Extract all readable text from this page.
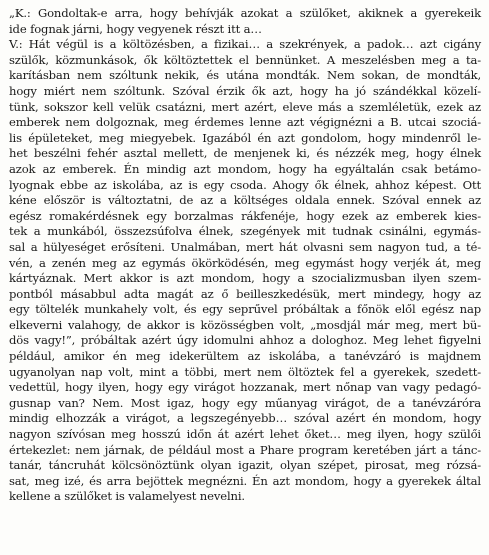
„K.: Gondoltak-e arra, hogy behívják azokat a szülőket, akiknek a gyerekeik
ide fognak járni, hogy vegyenek részt itt a…
V.: Hát végül is a költözésben, a fizikai… a szekrények, a padok… azt cigány
szülők, közmunkások, ők költöztettek el bennünket. A meszelésben meg a ta-
karításban nem szóltunk nekik, és utána mondták. Nem sokan, de mondták,
hogy miért nem szóltunk. Szóval érzik ők azt, hogy ha jó szándékkal közelí-
tünk, sokszor kell velük csatázni, mert azért, eleve más a szemléletük, ezek az
emberek nem dolgoznak, meg érdemes lenne azt végignézni a B. utcai szociá-
lis épületeket, meg miegyebek. Igazából én azt gondolom, hogy mindenről le-
het beszélni fehér asztal mellett, de menjenek ki, és nézzék meg, hogy élnek
azok az emberek. Én mindig azt mondom, hogy ha egyáltalán csak betámo-
lyognak ebbe az iskolába, az is egy csoda. Ahogy ők élnek, ahhoz képest. Ott
kéne először is változtatni, de az a költséges oldala ennek. Szóval ennek az
egész romakérdésnek egy borzalmas rákfenéje, hogy ezek az emberek kies-
tek a munkából, összezsúfolva élnek, szegények mit tudnak csinálni, egymás-
sal a hülyeséget erősíteni. Unalmában, mert hát olvasni sem nagyon tud, a té-
vén, a zenén meg az egymás ökörködésén, meg egymást hogy verjék át, meg
kártyáznak. Mert akkor is azt mondom, hogy a szocializmusban ilyen szem-
pontból másabbul adta magát az ő beilleszkedésük, mert mindegy, hogy az
egy töltelék munkahely volt, és egy seprűvel próbáltak a főnök elől egész nap
elkeverni valahogy, de akkor is közösségben volt, „mosdjál már meg, mert bü-
dös vagy!”, próbáltak azért úgy idomulni ahhoz a dologhoz. Meg lehet figyelni
például, amikor én meg idekerültem az iskolába, a tanévzáró is majdnem
ugyanolyan nap volt, mint a többi, mert nem öltöztek fel a gyerekek, szedett-
vedettül, hogy ilyen, hogy egy virágot hozzanak, mert nőnap van vagy pedagó-
gusnap van? Nem. Most igaz, hogy egy műanyag virágot, de a tanévzáróra
mindig elhozzák a virágot, a legszegényebb… szóval azért én mondom, hogy
nagyon szívósan meg hosszú időn át azért lehet őket… meg ilyen, hogy szülői
értekezlet: nem járnak, de például most a Phare program keretében járt a tánc-
tanár, táncruhát kölcsönöztünk olyan igazit, olyan szépet, pirosat, meg rózsá-
sat, meg izé, és arra bejöttek megnézni. Én azt mondom, hogy a gyerekek által
kellene a szülőket is valamelyest nevelni.
